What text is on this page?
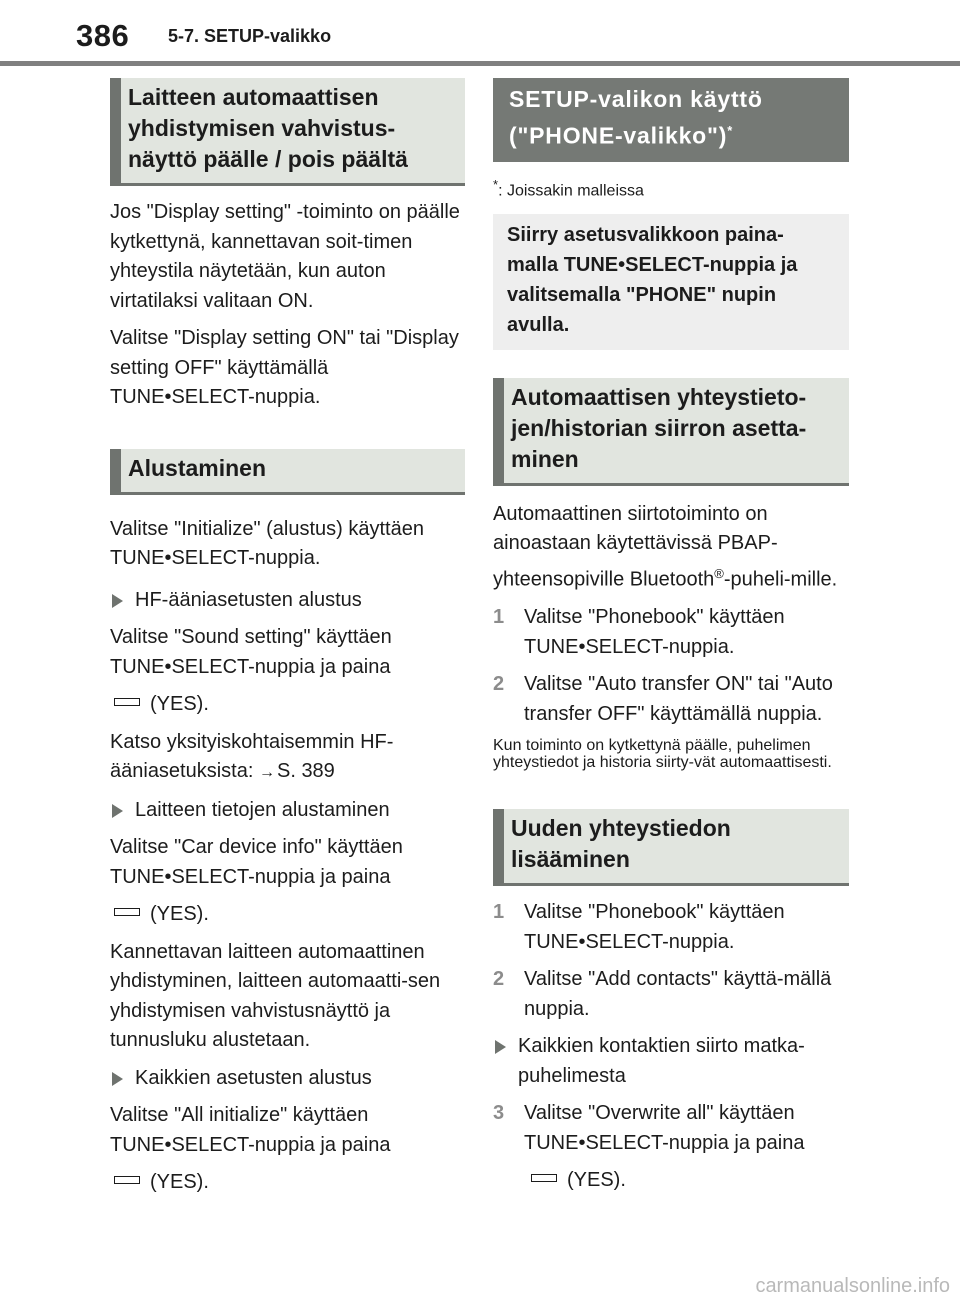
386 5-7. SETUP-valikko
Laitteen automaattisen yhdistymisen vahvistus-näyttö päälle / pois päältä

Jos "Display setting" -toiminto on päälle kytkettynä, kannettavan soit-timen yhteystila näytetään, kun auton virtatilaksi valitaan ON.

Valitse "Display setting ON" tai "Display setting OFF" käyttämällä TUNE•SELECT-nuppia.

Alustaminen

Valitse "Initialize" (alustus) käyttäen TUNE•SELECT-nuppia.

HF-ääniasetusten alustus

Valitse "Sound setting" käyttäen TUNE•SELECT-nuppia ja paina

(YES).

Katso yksityiskohtaisemmin HF-ääniasetuksista: → S. 389

Laitteen tietojen alustaminen

Valitse "Car device info" käyttäen TUNE•SELECT-nuppia ja paina

(YES).

Kannettavan laitteen automaattinen yhdistyminen, laitteen automaatti-sen yhdistymisen vahvistusnäyttö ja tunnusluku alustetaan.

Kaikkien asetusten alustus

Valitse "All initialize" käyttäen TUNE•SELECT-nuppia ja paina

(YES).
SETUP-valikon käyttö ("PHONE-valikko")*

*: Joissakin malleissa

Siirry asetusvalikkoon paina-malla TUNE•SELECT-nuppia ja valitsemalla "PHONE" nupin avulla.
Automaattisen yhteystieto-jen/historian siirron asetta-minen

Automaattinen siirtotoiminto on ainoastaan käytettävissä PBAP-yhteensopiville Bluetooth®-puheli-mille.

1 Valitse "Phonebook" käyttäen TUNE•SELECT-nuppia.
2 Valitse "Auto transfer ON" tai "Auto transfer OFF" käyttämällä nuppia.

Kun toiminto on kytkettynä päälle, puhelimen yhteystiedot ja historia siirty-vät automaattisesti.

Uuden yhteystiedon lisääminen
1 Valitse "Phonebook" käyttäen TUNE•SELECT-nuppia.
2 Valitse "Add contacts" käyttä-mällä nuppia.
Kaikkien kontaktien siirto matka-puhelimesta
3 Valitse "Overwrite all" käyttäen TUNE•SELECT-nuppia ja paina
(YES).
carmanualsonline.info
